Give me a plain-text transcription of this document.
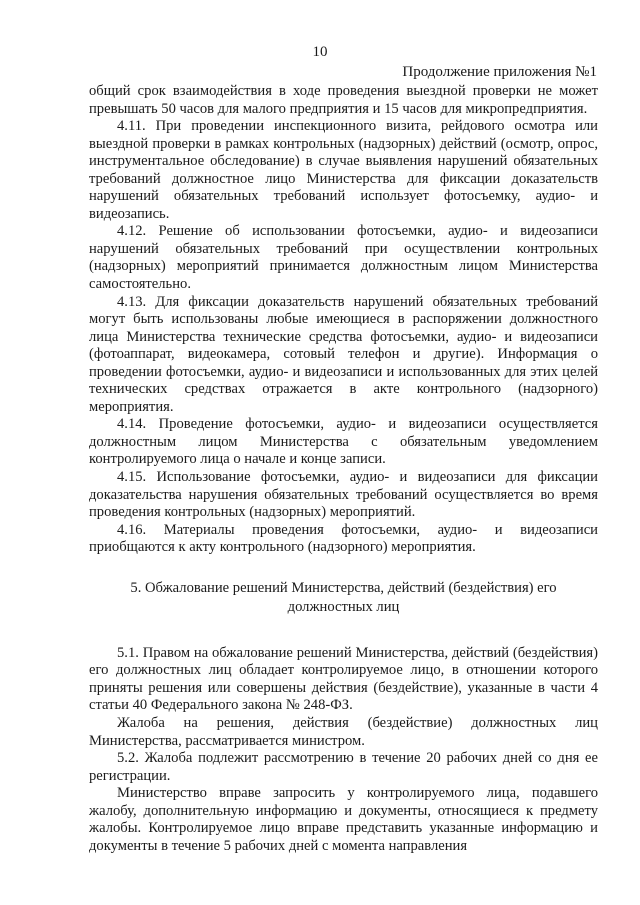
10
Продолжение приложения №1

общий срок взаимодействия в ходе проведения выездной проверки не может превышать 50 часов для малого предприятия и 15 часов для микропредприятия.

4.11. При проведении инспекционного визита, рейдового осмотра или выездной проверки в рамках контрольных (надзорных) действий (осмотр, опрос, инструментальное обследование) в случае выявления нарушений обязательных требований должностное лицо Министерства для фиксации доказательств нарушений обязательных требований использует фотосъемку, аудио- и видеозапись.

4.12. Решение об использовании фотосъемки, аудио- и видеозаписи нарушений обязательных требований при осуществлении контрольных (надзорных) мероприятий принимается должностным лицом Министерства самостоятельно.

4.13. Для фиксации доказательств нарушений обязательных требований могут быть использованы любые имеющиеся в распоряжении должностного лица Министерства технические средства фотосъемки, аудио- и видеозаписи (фотоаппарат, видеокамера, сотовый телефон и другие). Информация о проведении фотосъемки, аудио- и видеозаписи и использованных для этих целей технических средствах отражается в акте контрольного (надзорного) мероприятия.

4.14. Проведение фотосъемки, аудио- и видеозаписи осуществляется должностным лицом Министерства с обязательным уведомлением контролируемого лица о начале и конце записи.

4.15. Использование фотосъемки, аудио- и видеозаписи для фиксации доказательства нарушения обязательных требований осуществляется во время проведения контрольных (надзорных) мероприятий.

4.16. Материалы проведения фотосъемки, аудио- и видеозаписи приобщаются к акту контрольного (надзорного) мероприятия.

5. Обжалование решений Министерства, действий (бездействия) его
должностных лиц

5.1. Правом на обжалование решений Министерства, действий (бездействия) его должностных лиц обладает контролируемое лицо, в отношении которого приняты решения или совершены действия (бездействие), указанные в части 4 статьи 40 Федерального закона № 248-ФЗ.

Жалоба на решения, действия (бездействие) должностных лиц Министерства, рассматривается министром.

5.2. Жалоба подлежит рассмотрению в течение 20 рабочих дней со дня ее регистрации.

Министерство вправе запросить у контролируемого лица, подавшего жалобу, дополнительную информацию и документы, относящиеся к предмету жалобы. Контролируемое лицо вправе представить указанные информацию и документы в течение 5 рабочих дней с момента направления
